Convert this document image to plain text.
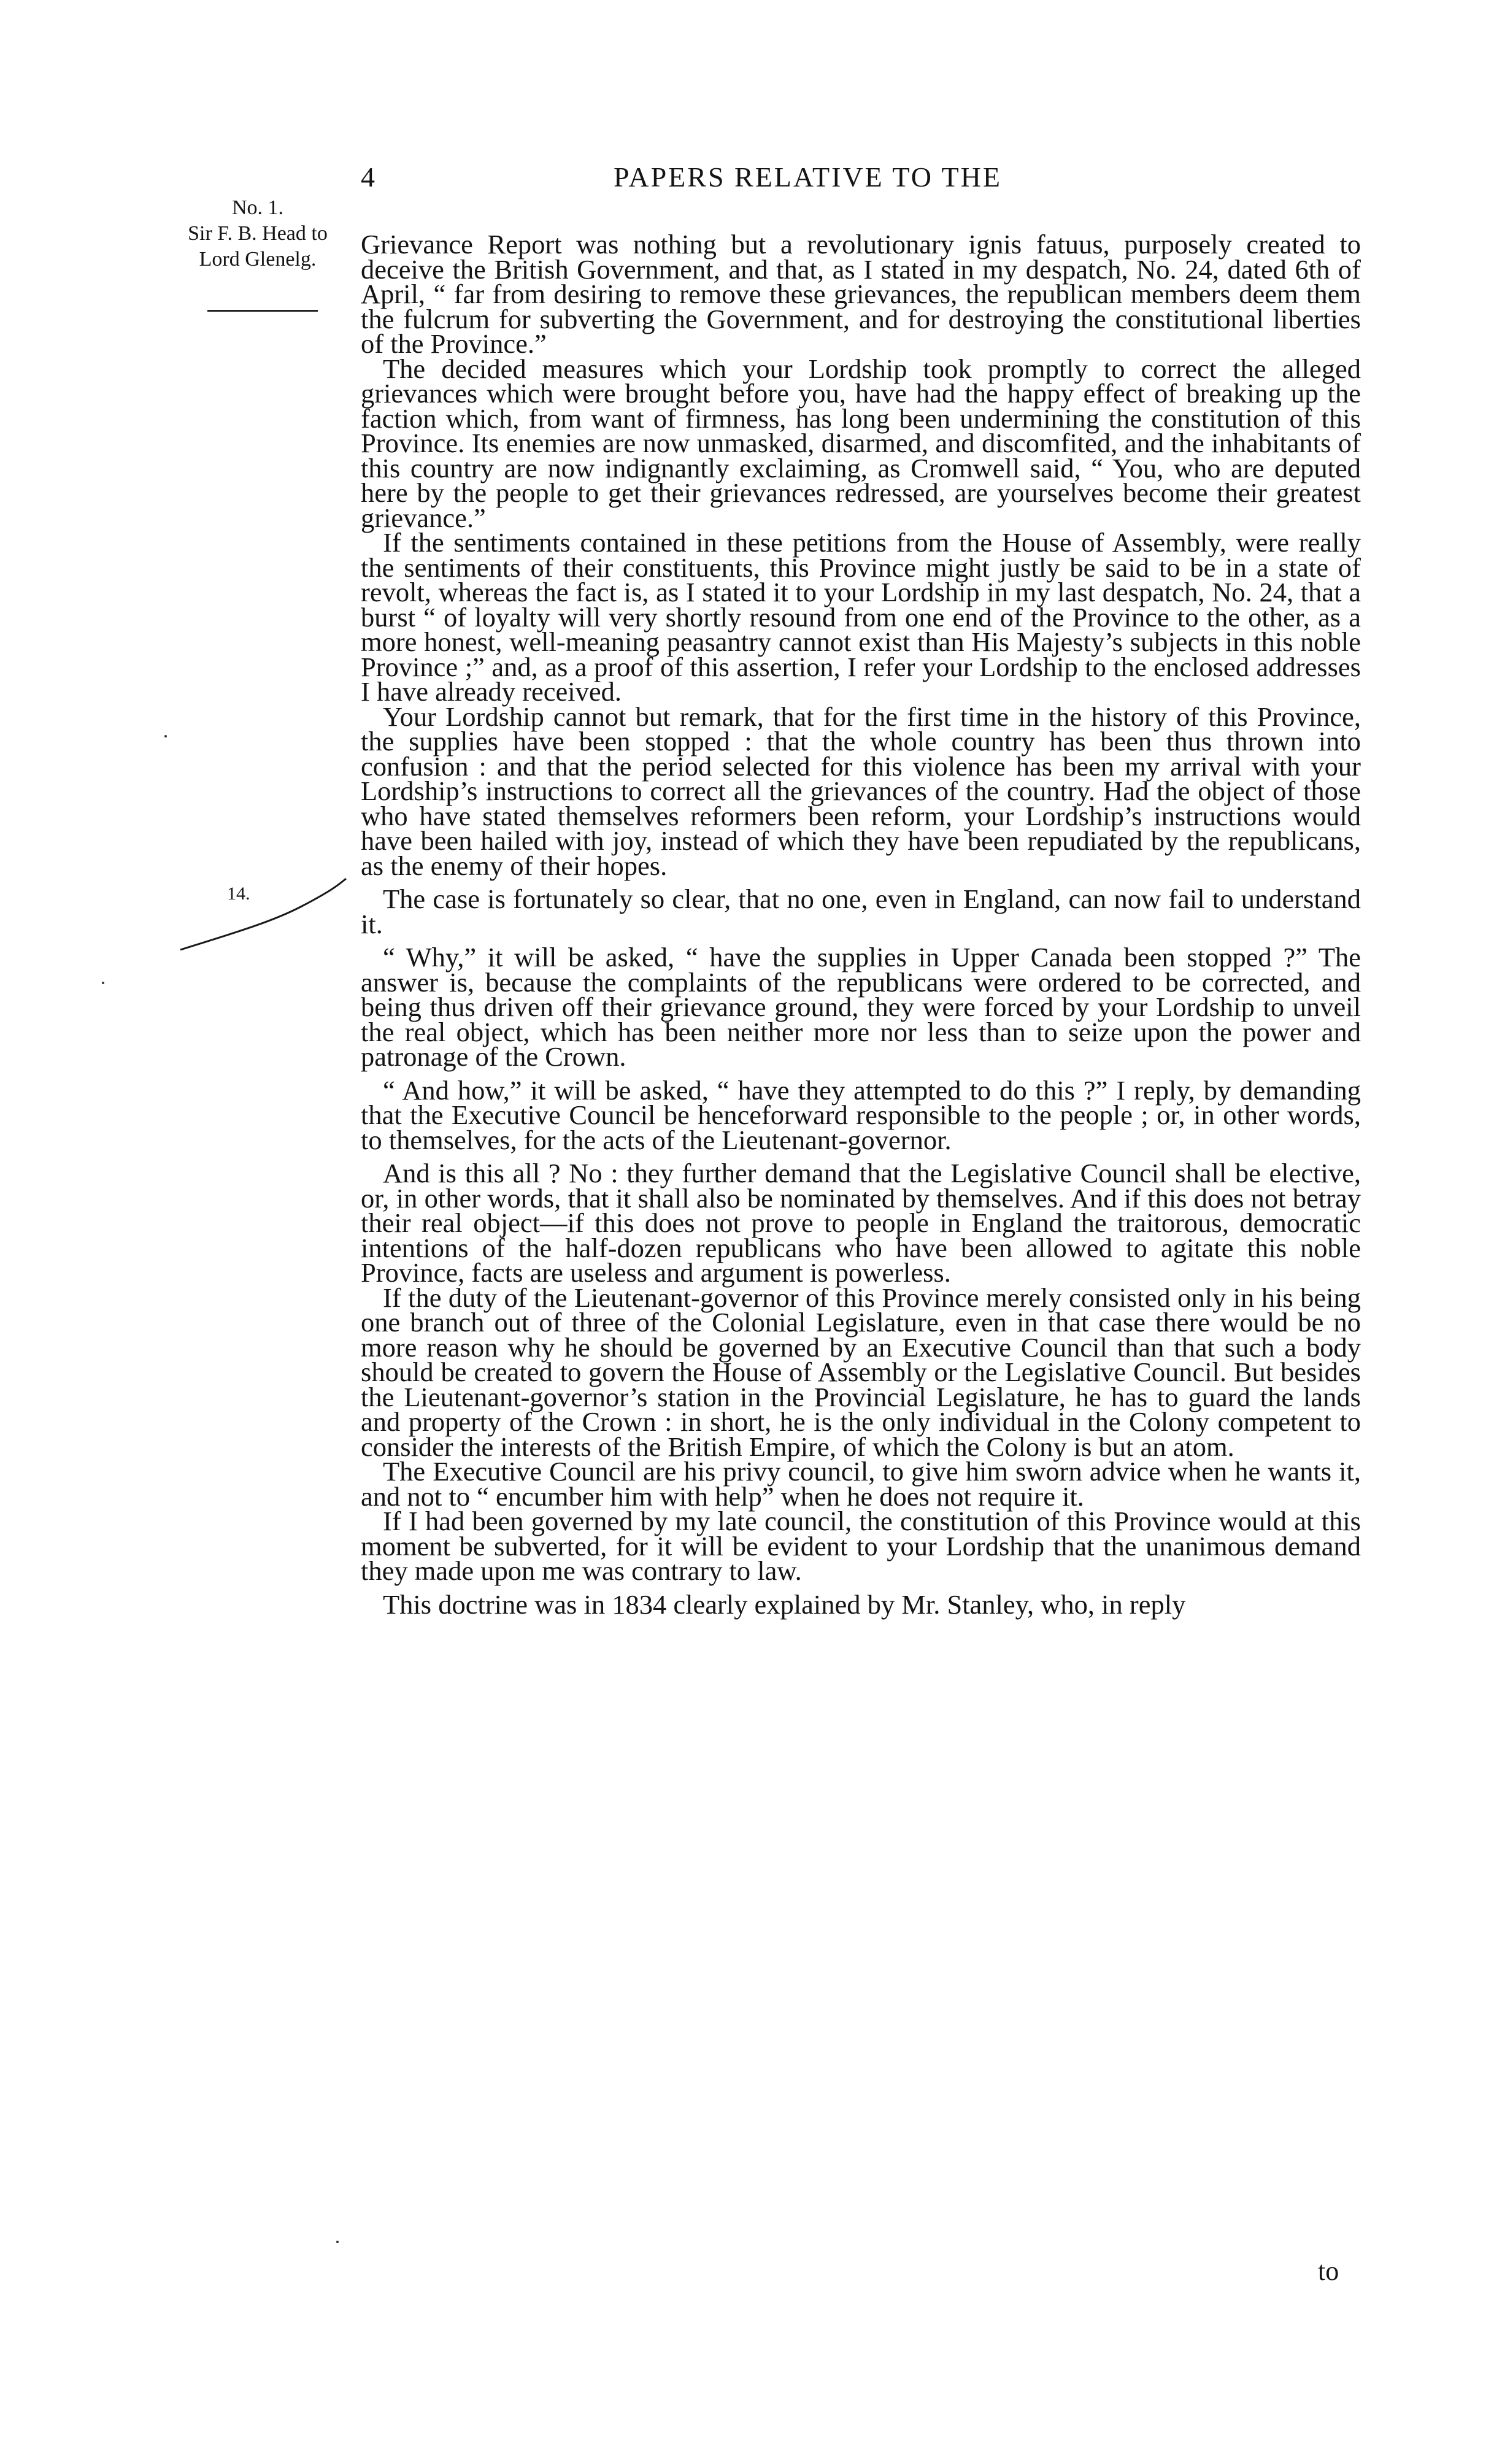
4	PAPERS RELATIVE TO THE
No. 1.
Sir F. B. Head to
Lord Glenelg.
14.

Grievance Report was nothing but a revolutionary ignis fatuus, purposely created to deceive the British Government, and that, as I stated in my despatch, No. 24, dated 6th of April, “ far from desiring to remove these grievances, the republican members deem them the fulcrum for subverting the Government, and for destroying the constitutional liberties of the Province.”

The decided measures which your Lordship took promptly to correct the alleged grievances which were brought before you, have had the happy effect of breaking up the faction which, from want of firmness, has long been undermining the constitution of this Province. Its enemies are now unmasked, disarmed, and discomfited, and the inhabitants of this country are now indignantly exclaiming, as Cromwell said, “ You, who are deputed here by the people to get their grievances redressed, are yourselves become their greatest grievance.”

If the sentiments contained in these petitions from the House of Assembly, were really the sentiments of their constituents, this Province might justly be said to be in a state of revolt, whereas the fact is, as I stated it to your Lordship in my last despatch, No. 24, that a burst “ of loyalty will very shortly resound from one end of the Province to the other, as a more honest, well-meaning peasantry cannot exist than His Majesty’s subjects in this noble Province ;” and, as a proof of this assertion, I refer your Lordship to the enclosed addresses I have already received.

Your Lordship cannot but remark, that for the first time in the history of this Province, the supplies have been stopped : that the whole country has been thus thrown into confusion : and that the period selected for this violence has been my arrival with your Lordship’s instructions to correct all the grievances of the country. Had the object of those who have stated themselves reformers been reform, your Lordship’s instructions would have been hailed with joy, instead of which they have been repudiated by the republicans, as the enemy of their hopes.

The case is fortunately so clear, that no one, even in England, can now fail to understand it.

“ Why,” it will be asked, “ have the supplies in Upper Canada been stopped ?” The answer is, because the complaints of the republicans were ordered to be corrected, and being thus driven off their grievance ground, they were forced by your Lordship to unveil the real object, which has been neither more nor less than to seize upon the power and patronage of the Crown.

“ And how,” it will be asked, “ have they attempted to do this ?” I reply, by demanding that the Executive Council be henceforward responsible to the people ; or, in other words, to themselves, for the acts of the Lieutenant-governor.

And is this all ? No : they further demand that the Legislative Council shall be elective, or, in other words, that it shall also be nominated by themselves. And if this does not betray their real object—if this does not prove to people in England the traitorous, democratic intentions of the half-dozen republicans who have been allowed to agitate this noble Province, facts are useless and argument is powerless.

If the duty of the Lieutenant-governor of this Province merely consisted only in his being one branch out of three of the Colonial Legislature, even in that case there would be no more reason why he should be governed by an Executive Council than that such a body should be created to govern the House of Assembly or the Legislative Council. But besides the Lieutenant-governor’s station in the Provincial Legislature, he has to guard the lands and property of the Crown : in short, he is the only individual in the Colony competent to consider the interests of the British Empire, of which the Colony is but an atom.

The Executive Council are his privy council, to give him sworn advice when he wants it, and not to “ encumber him with help” when he does not require it.

If I had been governed by my late council, the constitution of this Province would at this moment be subverted, for it will be evident to your Lordship that the unanimous demand they made upon me was contrary to law.

This doctrine was in 1834 clearly explained by Mr. Stanley, who, in reply

to
